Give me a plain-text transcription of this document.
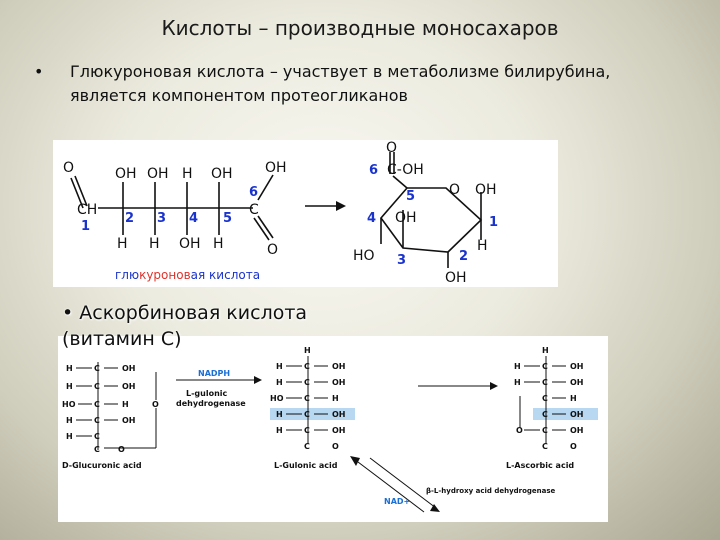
Кислоты – производные моносахаров
• Глюкуроновая кислота – участвует в метаболизме билирубина, является компонентом протеогликанов
O
CH
OH
H
OH
H
H
OH
OH
H
C
OH
O
1
2 3 4 5
6
O
C-OH
O OH
H
OH
HO
OH
6
5
4	1
2
3
глюкуроновая кислота
• Аскорбиновая кислота
(витамин С)
H	C	OH
H	C	OH
HO C	H	O
H	C	OH
H	C
C O
H
H	C	OH
H	C	OH
HO	C	H
H	C	OH
H	C	OH
C	O
H
H	C	OH
H	C	OH
C	H
C	OH
O C	OH
C	O
D-Glucuronic acid	L-Gulonic acid	L-Ascorbic acid
L-gulonic
dehydrogenase
β-L-hydroxy acid dehydrogenase
NADPH
NAD+
